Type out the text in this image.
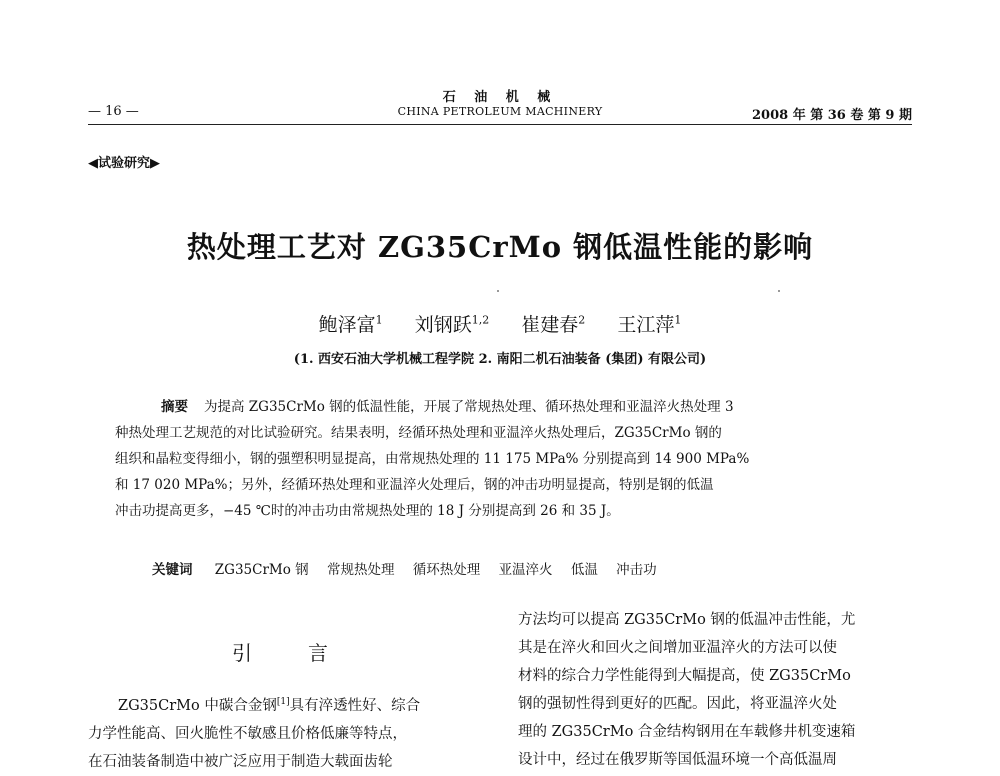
石 油 机 械
— 16 —	CHINA PETROLEUM MACHINERY	2008 年 第 36 卷 第 9 期
◀试验研究▶
热处理工艺对 ZG35CrMo 钢低温性能的影响
鲍泽富$^1$ 刘钢跃$^{1,2}$ 崔建春$^2$ 王江萍$^1$
(1. 西安石油大学机械工程学院 2. 南阳二机石油装备 (集团) 有限公司)
摘要 为提高 ZG35CrMo 钢的低温性能，开展了常规热处理、循环热处理和亚温淬火热处理 3
种热处理工艺规范的对比试验研究。结果表明，经循环热处理和亚温淬火热处理后，ZG35CrMo 钢的
组织和晶粒变得细小，钢的强塑积明显提高，由常规热处理的 11 175 MPa% 分别提高到 14 900 MPa%
和 17 020 MPa%；另外，经循环热处理和亚温淬火处理后，钢的冲击功明显提高，特别是钢的低温
冲击功提高更多，−45 ℃时的冲击功由常规热处理的 18 J 分别提高到 26 和 35 J。
关键词 ZG35CrMo 钢 常规热处理 循环热处理 亚温淬火 低温 冲击功
引言
ZG35CrMo 中碳合金钢[1]具有淬透性好、综合
力学性能高、回火脆性不敏感且价格低廉等特点，
在石油装备制造中被广泛应用于制造大载面齿轮
方法均可以提高 ZG35CrMo 钢的低温冲击性能，尤
其是在淬火和回火之间增加亚温淬火的方法可以使
材料的综合力学性能得到大幅提高，使 ZG35CrMo
钢的强韧性得到更好的匹配。因此，将亚温淬火处
理的 ZG35CrMo 合金结构钢用在车载修井机变速箱
设计中，经过在俄罗斯等国低温环境一个高低温周
